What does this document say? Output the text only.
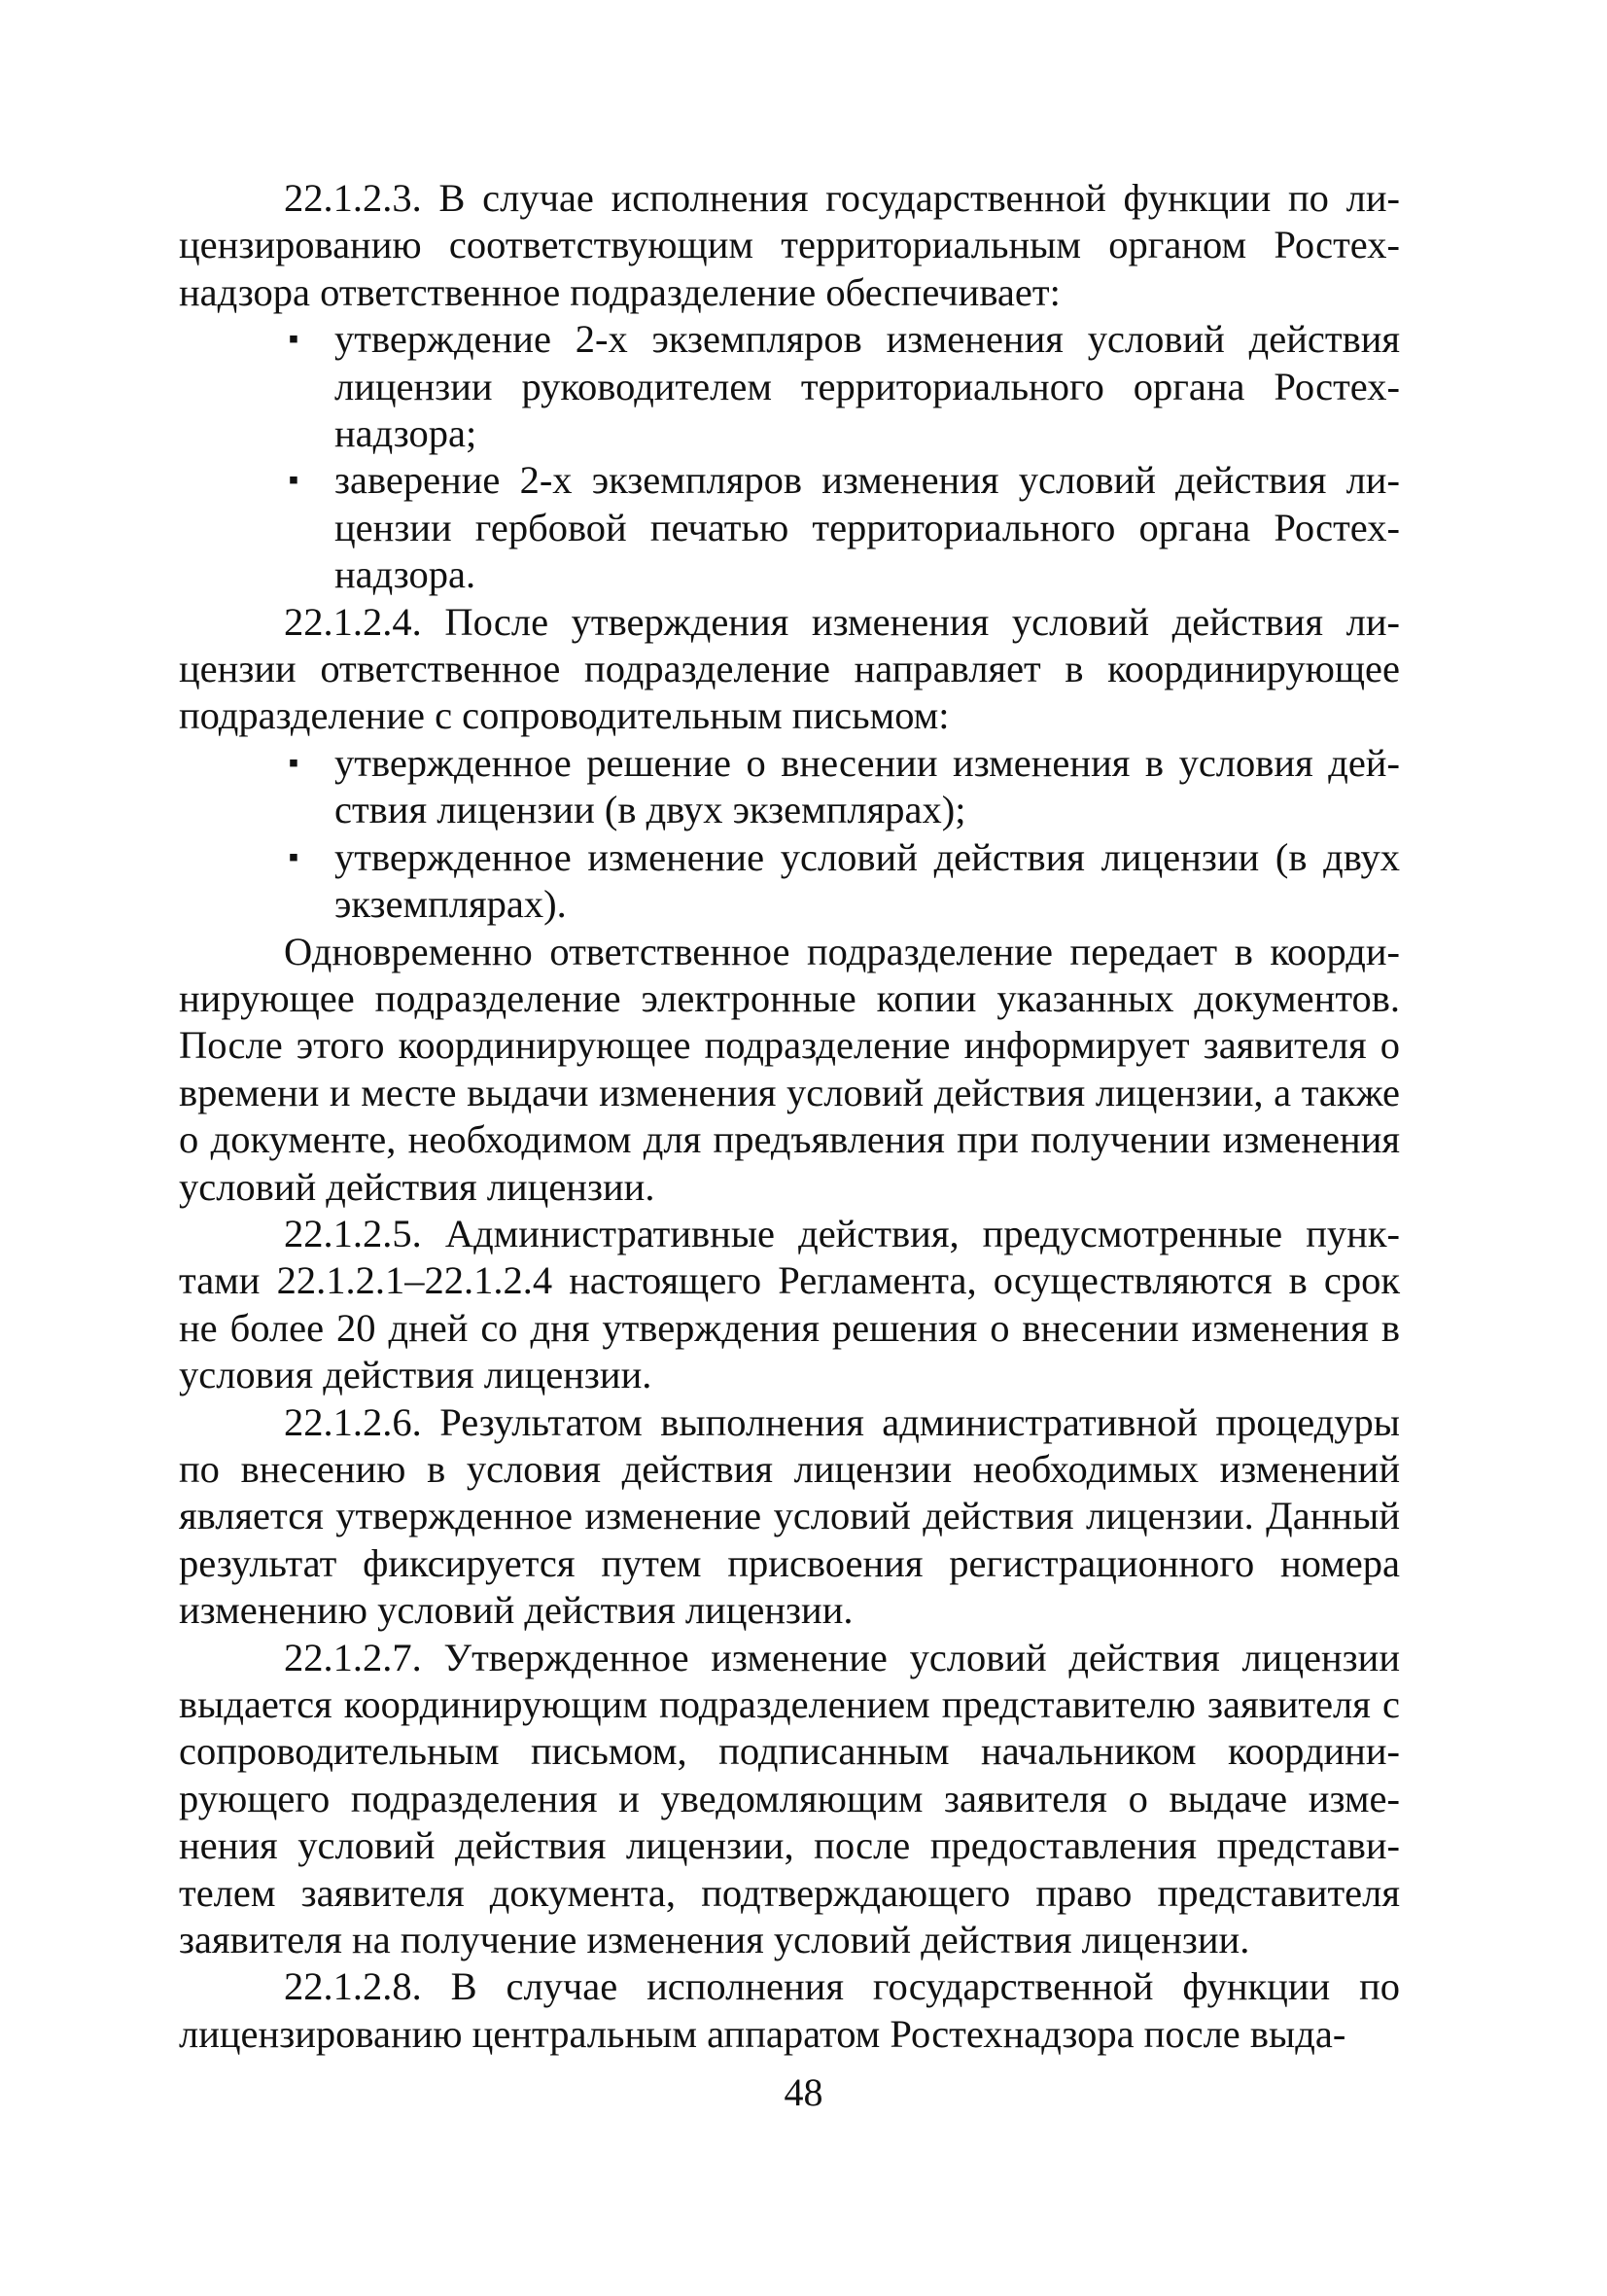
22.1.2.3. В случае исполнения государственной функции по лицензированию соответствующим территориальным органом Ростехнадзора ответственное подразделение обеспечивает:

▪ утверждение 2-х экземпляров изменения условий действия лицензии руководителем территориального органа Ростехнадзора;
▪ заверение 2-х экземпляров изменения условий действия лицензии гербовой печатью территориального органа Ростехнадзора.

22.1.2.4. После утверждения изменения условий действия лицензии ответственное подразделение направляет в координирующее подразделение с сопроводительным письмом:

▪ утвержденное решение о внесении изменения в условия действия лицензии (в двух экземплярах);
▪ утвержденное изменение условий действия лицензии (в двух экземплярах).

Одновременно ответственное подразделение передает в координирующее подразделение электронные копии указанных документов. После этого координирующее подразделение информирует заявителя о времени и месте выдачи изменения условий действия лицензии, а также о документе, необходимом для предъявления при получении изменения условий действия лицензии.

22.1.2.5. Административные действия, предусмотренные пунктами 22.1.2.1–22.1.2.4 настоящего Регламента, осуществляются в срок не более 20 дней со дня утверждения решения о внесении изменения в условия действия лицензии.

22.1.2.6. Результатом выполнения административной процедуры по внесению в условия действия лицензии необходимых изменений является утвержденное изменение условий действия лицензии. Данный результат фиксируется путем присвоения регистрационного номера изменению условий действия лицензии.

22.1.2.7. Утвержденное изменение условий действия лицензии выдается координирующим подразделением представителю заявителя с сопроводительным письмом, подписанным начальником координирующего подразделения и уведомляющим заявителя о выдаче изменения условий действия лицензии, после предоставления представителем заявителя документа, подтверждающего право представителя заявителя на получение изменения условий действия лицензии.

22.1.2.8. В случае исполнения государственной функции по лицензированию центральным аппаратом Ростехнадзора после выда-

48
